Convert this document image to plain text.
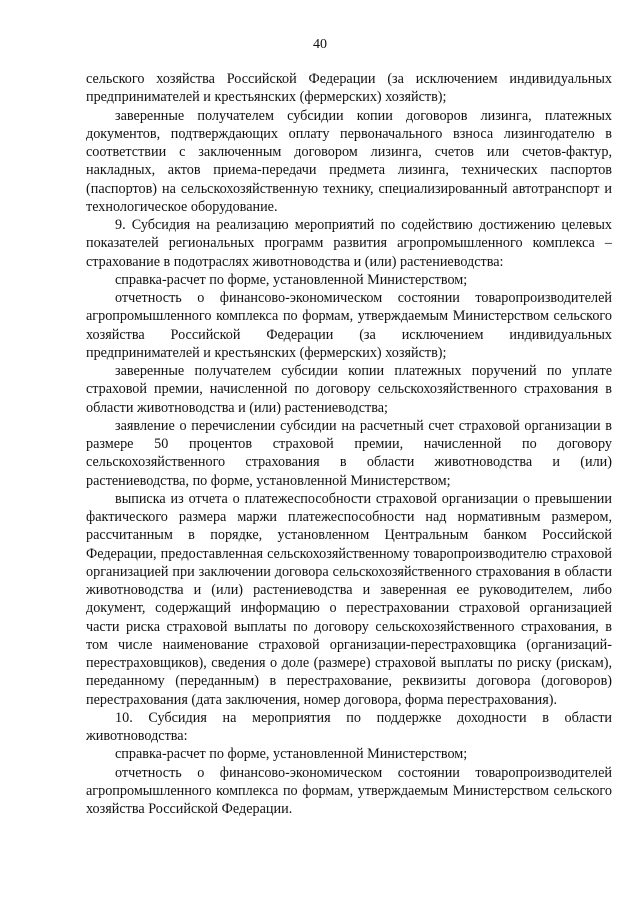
40

сельского хозяйства Российской Федерации (за исключением индивидуальных предпринимателей и крестьянских (фермерских) хозяйств);

заверенные получателем субсидии копии договоров лизинга, платежных документов, подтверждающих оплату первоначального взноса лизингодателю в соответствии с заключенным договором лизинга, счетов или счетов-фактур, накладных, актов приема-передачи предмета лизинга, технических паспортов (паспортов) на сельскохозяйственную технику, специализированный автотранспорт и технологическое оборудование.

9. Субсидия на реализацию мероприятий по содействию достижению целевых показателей региональных программ развития агропромышленного комплекса – страхование в подотраслях животноводства и (или) растениеводства:

справка-расчет по форме, установленной Министерством;

отчетность о финансово-экономическом состоянии товаропроизводителей агропромышленного комплекса по формам, утверждаемым Министерством сельского хозяйства Российской Федерации (за исключением индивидуальных предпринимателей и крестьянских (фермерских) хозяйств);

заверенные получателем субсидии копии платежных поручений по уплате страховой премии, начисленной по договору сельскохозяйственного страхования в области животноводства и (или) растениеводства;

заявление о перечислении субсидии на расчетный счет страховой организации в размере 50 процентов страховой премии, начисленной по договору сельскохозяйственного страхования в области животноводства и (или) растениеводства, по форме, установленной Министерством;

выписка из отчета о платежеспособности страховой организации о превышении фактического размера маржи платежеспособности над нормативным размером, рассчитанным в порядке, установленном Центральным банком Российской Федерации, предоставленная сельскохозяйственному товаропроизводителю страховой организацией при заключении договора сельскохозяйственного страхования в области животноводства и (или) растениеводства и заверенная ее руководителем, либо документ, содержащий информацию о перестраховании страховой организацией части риска страховой выплаты по договору сельскохозяйственного страхования, в том числе наименование страховой организации-перестраховщика (организаций-перестраховщиков), сведения о доле (размере) страховой выплаты по риску (рискам), переданному (переданным) в перестрахование, реквизиты договора (договоров) перестрахования (дата заключения, номер договора, форма перестрахования).

10. Субсидия на мероприятия по поддержке доходности в области животноводства:

справка-расчет по форме, установленной Министерством;

отчетность о финансово-экономическом состоянии товаропроизводителей агропромышленного комплекса по формам, утверждаемым Министерством сельского хозяйства Российской Федерации.
